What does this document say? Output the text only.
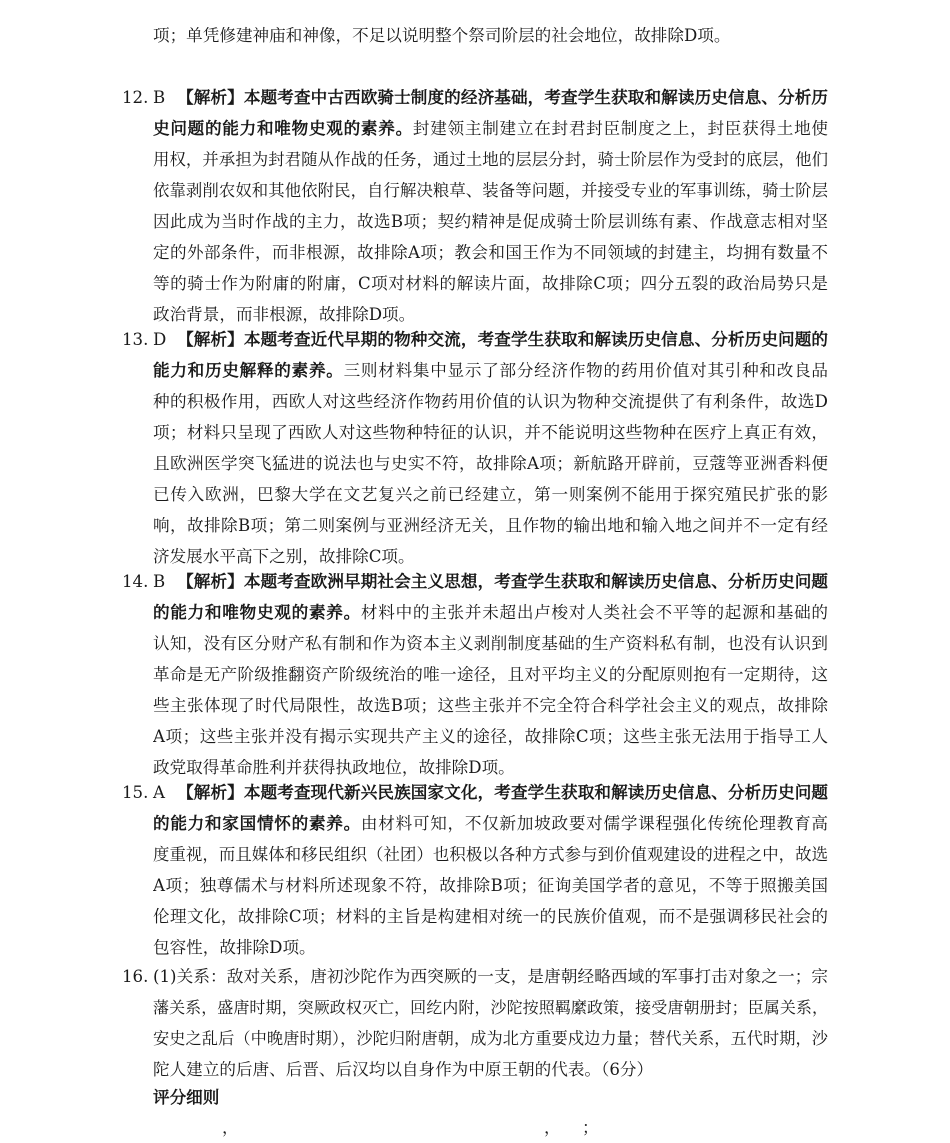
项；单凭修建神庙和神像，不足以说明整个祭司阶层的社会地位，故排除D项。
12. B 【解析】本题考查中古西欧骑士制度的经济基础，考查学生获取和解读历史信息、分析历
史问题的能力和唯物史观的素养。封建领主制建立在封君封臣制度之上，封臣获得土地使
用权，并承担为封君随从作战的任务，通过土地的层层分封，骑士阶层作为受封的底层，他们
依靠剥削农奴和其他依附民，自行解决粮草、装备等问题，并接受专业的军事训练，骑士阶层
因此成为当时作战的主力，故选B项；契约精神是促成骑士阶层训练有素、作战意志相对坚
定的外部条件，而非根源，故排除A项；教会和国王作为不同领域的封建主，均拥有数量不
等的骑士作为附庸的附庸，C项对材料的解读片面，故排除C项；四分五裂的政治局势只是
政治背景，而非根源，故排除D项。
13. D 【解析】本题考查近代早期的物种交流，考查学生获取和解读历史信息、分析历史问题的
能力和历史解释的素养。三则材料集中显示了部分经济作物的药用价值对其引种和改良品
种的积极作用，西欧人对这些经济作物药用价值的认识为物种交流提供了有利条件，故选D
项；材料只呈现了西欧人对这些物种特征的认识，并不能说明这些物种在医疗上真正有效，
且欧洲医学突飞猛进的说法也与史实不符，故排除A项；新航路开辟前，豆蔻等亚洲香料便
已传入欧洲，巴黎大学在文艺复兴之前已经建立，第一则案例不能用于探究殖民扩张的影
响，故排除B项；第二则案例与亚洲经济无关，且作物的输出地和输入地之间并不一定有经
济发展水平高下之别，故排除C项。
14. B 【解析】本题考查欧洲早期社会主义思想，考查学生获取和解读历史信息、分析历史问题
的能力和唯物史观的素养。材料中的主张并未超出卢梭对人类社会不平等的起源和基础的
认知，没有区分财产私有制和作为资本主义剥削制度基础的生产资料私有制，也没有认识到
革命是无产阶级推翻资产阶级统治的唯一途径，且对平均主义的分配原则抱有一定期待，这
些主张体现了时代局限性，故选B项；这些主张并不完全符合科学社会主义的观点，故排除
A项；这些主张并没有揭示实现共产主义的途径，故排除C项；这些主张无法用于指导工人
政党取得革命胜利并获得执政地位，故排除D项。
15. A 【解析】本题考查现代新兴民族国家文化，考查学生获取和解读历史信息、分析历史问题
的能力和家国情怀的素养。由材料可知，不仅新加坡政要对儒学课程强化传统伦理教育高
度重视，而且媒体和移民组织（社团）也积极以各种方式参与到价值观建设的进程之中，故选
A项；独尊儒术与材料所述现象不符，故排除B项；征询美国学者的意见，不等于照搬美国
伦理文化，故排除C项；材料的主旨是构建相对统一的民族价值观，而不是强调移民社会的
包容性，故排除D项。
16. (1)关系：敌对关系，唐初沙陀作为西突厥的一支，是唐朝经略西域的军事打击对象之一；宗
藩关系，盛唐时期，突厥政权灭亡，回纥内附，沙陀按照羁縻政策，接受唐朝册封；臣属关系，
安史之乱后（中晚唐时期），沙陀归附唐朝，成为北方重要戍边力量；替代关系，五代时期，沙
陀人建立的后唐、后晋、后汉均以自身作为中原王朝的代表。（6分）
评分细则
，	， ；
